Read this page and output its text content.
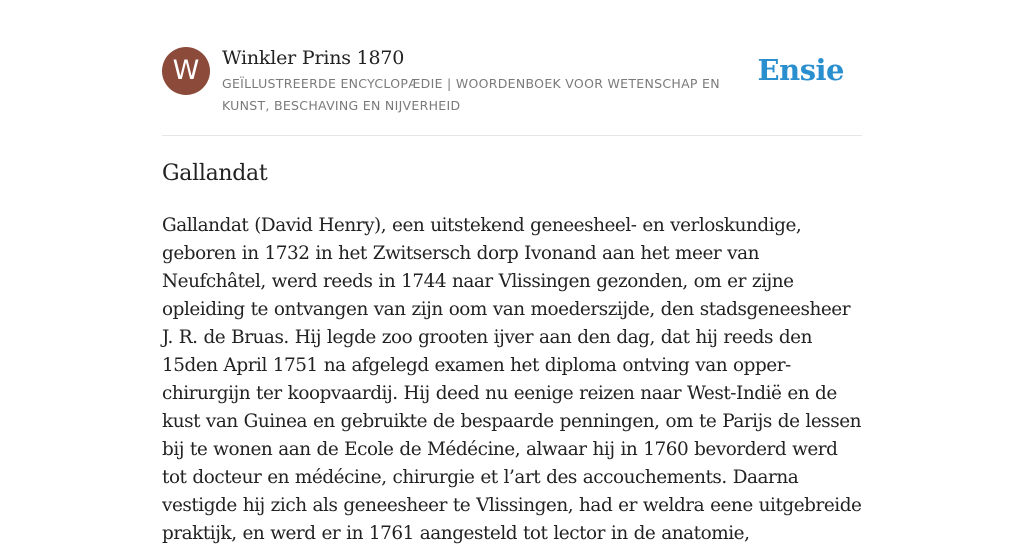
W	Winkler Prins 1870
GEÏLLUSTREERDE ENCYCLOPÆDIE | WOORDENBOEK VOOR WETENSCHAP EN KUNST, BESCHAVING EN NIJVERHEID
Ensie
Gallandat

Gallandat (David Henry), een uitstekend geneesheel- en verloskundige, geboren in 1732 in het Zwitsersch dorp Ivonand aan het meer van Neufchâtel, werd reeds in 1744 naar Vlissingen gezonden, om er zijne opleiding te ontvangen van zijn oom van moederszijde, den stadsgeneesheer J. R. de Bruas. Hij legde zoo grooten ijver aan den dag, dat hij reeds den 15den April 1751 na afgelegd examen het diploma ontving van opper-chirurgijn ter koopvaardij. Hij deed nu eenige reizen naar West-Indië en de kust van Guinea en gebruikte de bespaarde penningen, om te Parijs de lessen bij te wonen aan de Ecole de Médécine, alwaar hij in 1760 bevorderd werd tot docteur en médécine, chirurgie et l’art des accouchements. Daarna vestigde hij zich als geneesheer te Vlissingen, had er weldra eene uitgebreide praktijk, en werd er in 1761 aangesteld tot lector in de anatomie,
